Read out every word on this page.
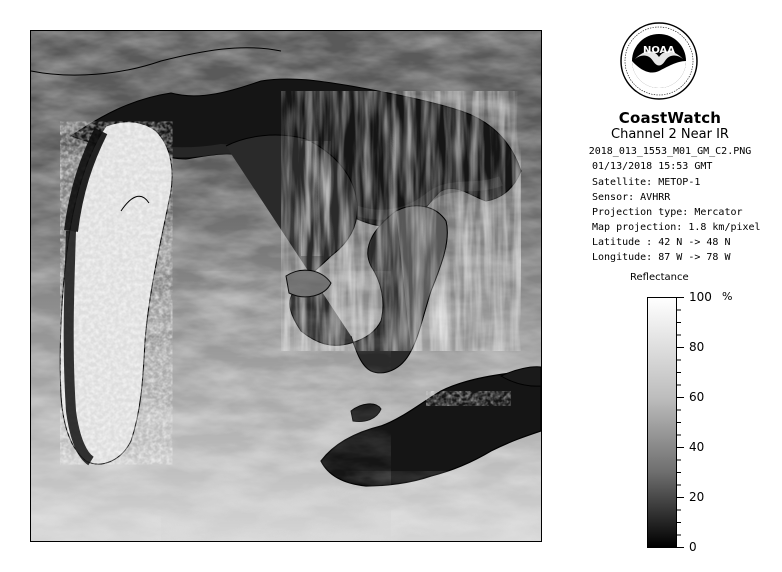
NOAA
CoastWatch
Channel 2 Near IR
2018_013_1553_M01_GM_C2.PNG
01/13/2018 15:53 GMT
Satellite: METOP-1
Sensor: AVHRR
Projection type: Mercator
Map projection: 1.8 km/pixel
Latitude : 42 N -> 48 N
Longitude: 87 W -> 78 W
Reflectance
%
100
80
60
40
20
0
